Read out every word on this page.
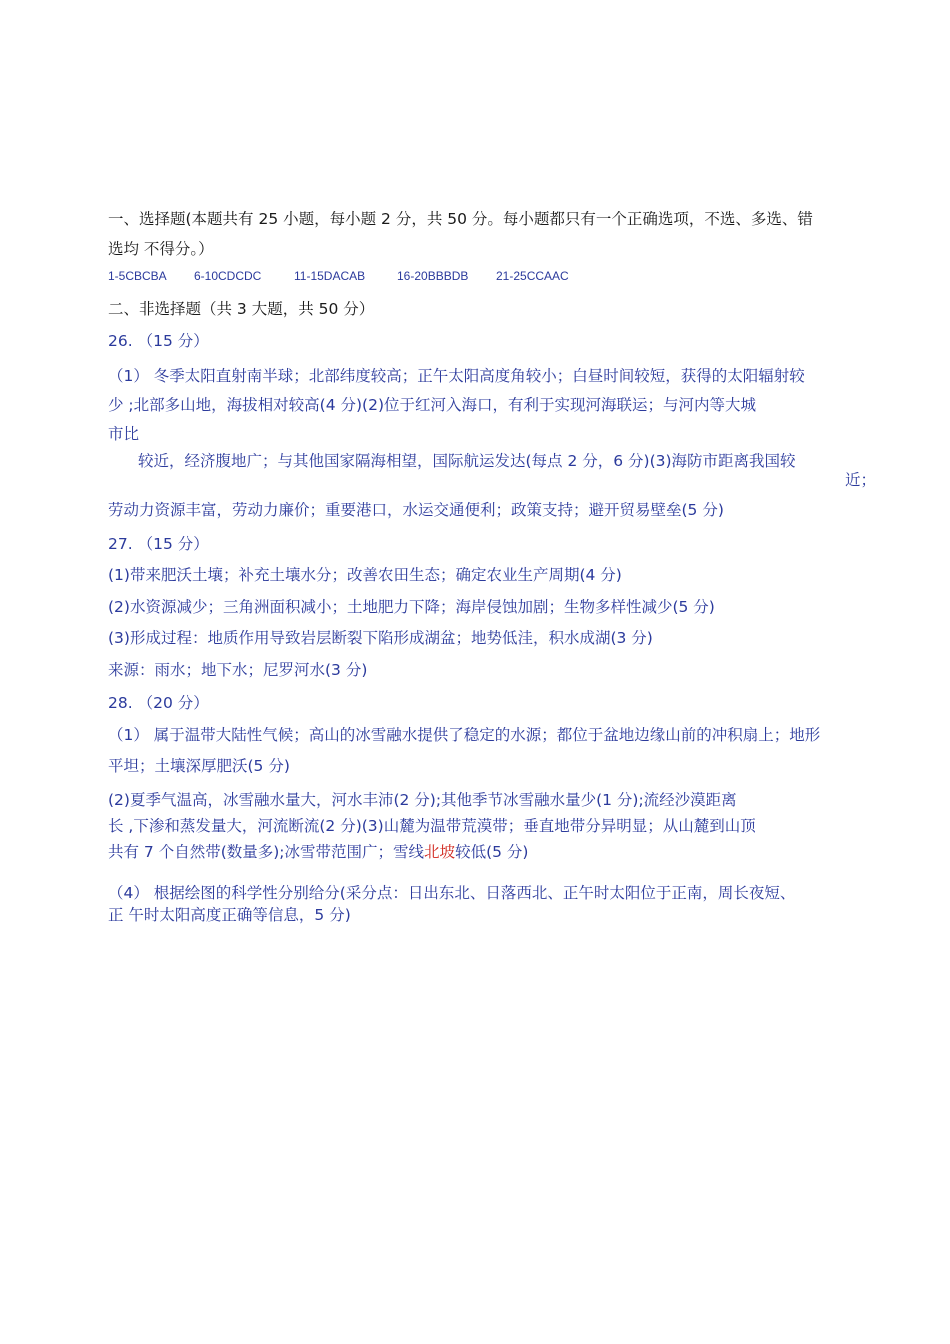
一、选择题(本题共有 25 小题，每小题 2 分，共 50 分。每小题都只有一个正确选项，不选、多选、错
选均 不得分。）
1-5CBCBA 6-10CDCDC	11-15DACAB	16-20BBBDB 21-25CCAAC
二、非选择题（共 3 大题，共 50 分）
26. （15 分）
（1） 冬季太阳直射南半球；北部纬度较高；正午太阳高度角较小；白昼时间较短，获得的太阳辐射较
少 ;北部多山地，海拔相对较高(4 分)(2)位于红河入海口，有利于实现河海联运；与河内等大城
市比
较近，经济腹地广；与其他国家隔海相望，国际航运发达(每点 2 分，6 分)(3)海防市距离我国较
近；
劳动力资源丰富，劳动力廉价；重要港口，水运交通便利；政策支持；避开贸易壁垒(5 分)
27. （15 分）
(1)带来肥沃土壤；补充土壤水分；改善农田生态；确定农业生产周期(4 分)
(2)水资源减少；三角洲面积减小；土地肥力下降；海岸侵蚀加剧；生物多样性减少(5 分)
(3)形成过程：地质作用导致岩层断裂下陷形成湖盆；地势低洼，积水成湖(3 分)
来源：雨水；地下水；尼罗河水(3 分)
28. （20 分）
（1） 属于温带大陆性气候；高山的冰雪融水提供了稳定的水源；都位于盆地边缘山前的冲积扇上；地形
平坦；土壤深厚肥沃(5 分)
(2)夏季气温高，冰雪融水量大，河水丰沛(2 分);其他季节冰雪融水量少(1 分);流经沙漠距离
长 ,下渗和蒸发量大，河流断流(2 分)(3)山麓为温带荒漠带；垂直地带分异明显；从山麓到山顶
共有 7 个自然带(数量多);冰雪带范围广；雪线北坡较低(5 分)
（4） 根据绘图的科学性分别给分(采分点：日出东北、日落西北、正午时太阳位于正南，周长夜短、
正 午时太阳高度正确等信息，5 分)
